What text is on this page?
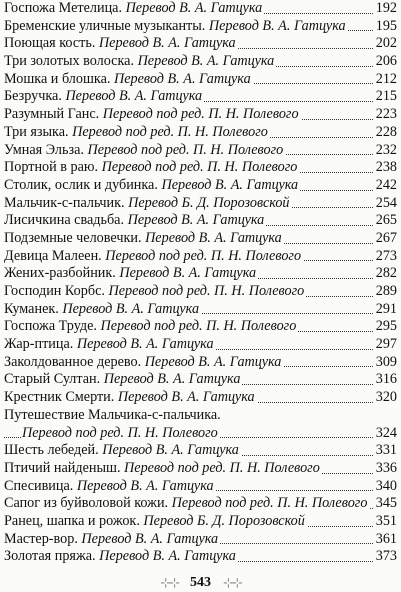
Госпожа Метелица. Перевод В. А. Гатцука	192
Бременские уличные музыканты. Перевод В. А. Гатцука 195
Поющая кость. Перевод В. А. Гатцука	202
Три золотых волоска. Перевод В. А. Гатцука	206
Мошка и блошка. Перевод В. А. Гатцука	212
Безручка. Перевод В. А. Гатцука	215
Разумный Ганс. Перевод под ред. П. Н. Полевого	223
Три языка. Перевод под ред. П. Н. Полевого	228
Умная Эльза. Перевод под ред. П. Н. Полевого	232
Портной в раю. Перевод под ред. П. Н. Полевого	238
Столик, ослик и дубинка. Перевод В. А. Гатцука	242
Мальчик-с-пальчик. Перевод Б. Д. Порозовской	254
Лисичкина свадьба. Перевод В. А. Гатцука	265
Подземные человечки. Перевод В. А. Гатцука	267
Девица Малеен. Перевод под ред. П. Н. Полевого	273
Жених-разбойник. Перевод В. А. Гатцука	282
Господин Корбс. Перевод под ред. П. Н. Полевого	289
Куманек. Перевод В. А. Гатцука	291
Госпожа Труде. Перевод под ред. П. Н. Полевого	295
Жар-птица. Перевод В. А. Гатцука	297
Заколдованное дерево. Перевод В. А. Гатцука	309
Старый Султан. Перевод В. А. Гатцука	316
Крестник Смерти. Перевод В. А. Гатцука	320
Путешествие Мальчика-с-пальчика.
Перевод под ред. П. Н. Полевого	324
Шесть лебедей. Перевод В. А. Гатцука	331
Птичий найденыш. Перевод под ред. П. Н. Полевого	336
Спесивица. Перевод В. А. Гатцука	340
Сапог из буйволовой кожи. Перевод под ред. П. Н. Полевого 345
Ранец, шапка и рожок. Перевод Б. Д. Порозовской	351
Мастер-вор. Перевод В. А. Гатцука	361
Золотая пряжа. Перевод В. А. Гатцука	373
⊹⊹ 543 ⊹⊹
